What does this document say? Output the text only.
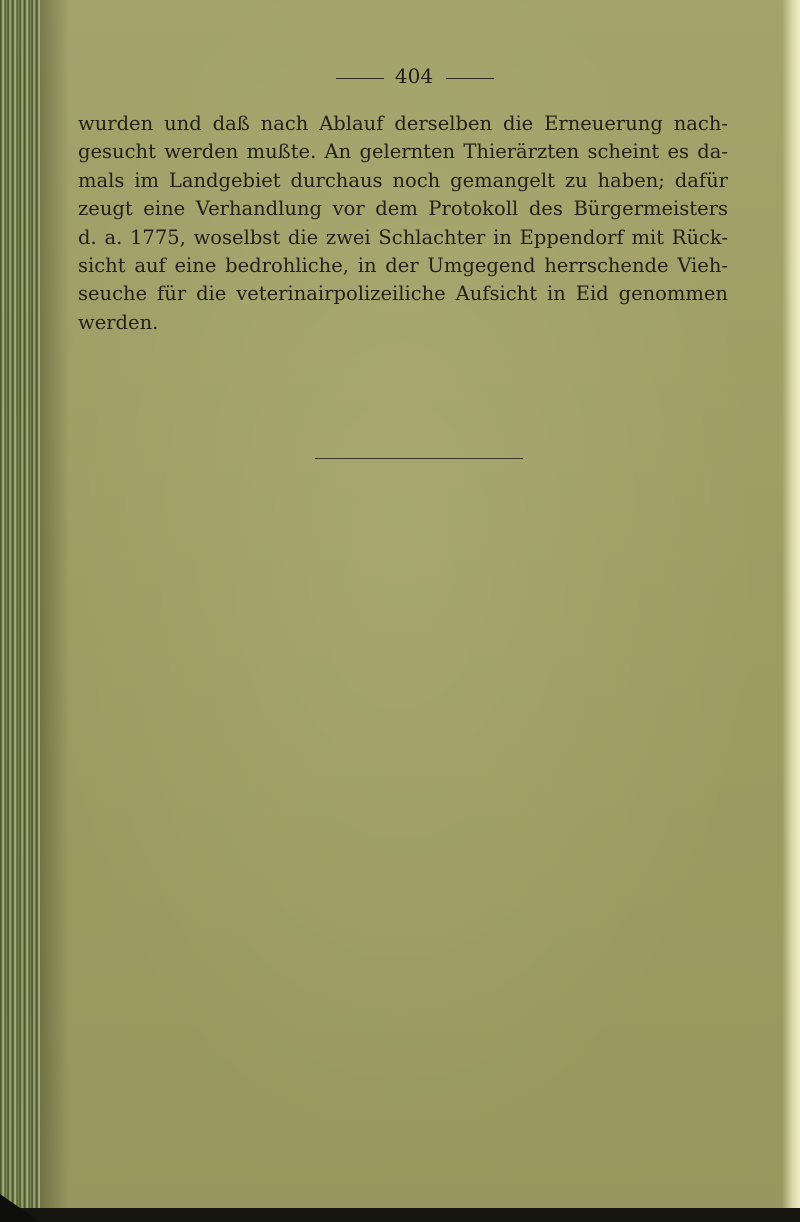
404

wurden und daß nach Ablauf derselben die Erneuerung nach-
gesucht werden mußte. An gelernten Thierärzten scheint es da-
mals im Landgebiet durchaus noch gemangelt zu haben; dafür
zeugt eine Verhandlung vor dem Protokoll des Bürgermeisters
d. a. 1775, woselbst die zwei Schlachter in Eppendorf mit Rück-
sicht auf eine bedrohliche, in der Umgegend herrschende Vieh-
seuche für die veterinairpolizeiliche Aufsicht in Eid genommen
werden.
